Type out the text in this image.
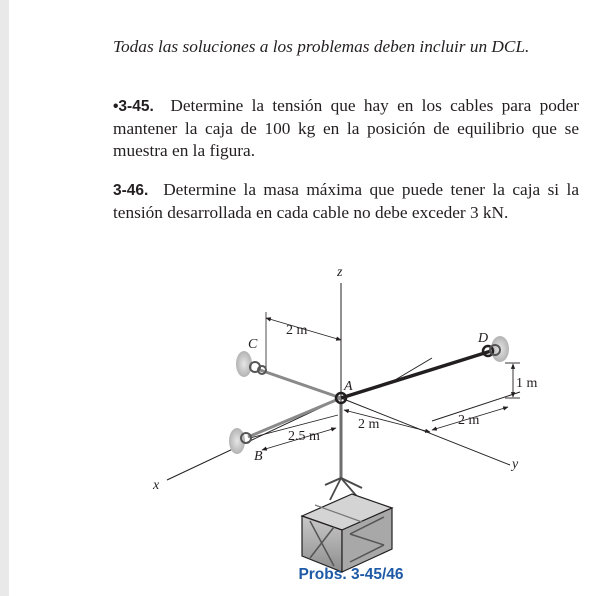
Todas las soluciones a los problemas deben incluir un DCL.
•3-45. Determine la tensión que hay en los cables para poder mantener la caja de 100 kg en la posición de equilibrio que se muestra en la figura.
3-46. Determine la masa máxima que puede tener la caja si la tensión desarrollada en cada cable no debe exceder 3 kN.
2 m
1 m
2 m	2 m
2.5 m
z
x
y
A
B
C	D
Probs. 3-45/46
